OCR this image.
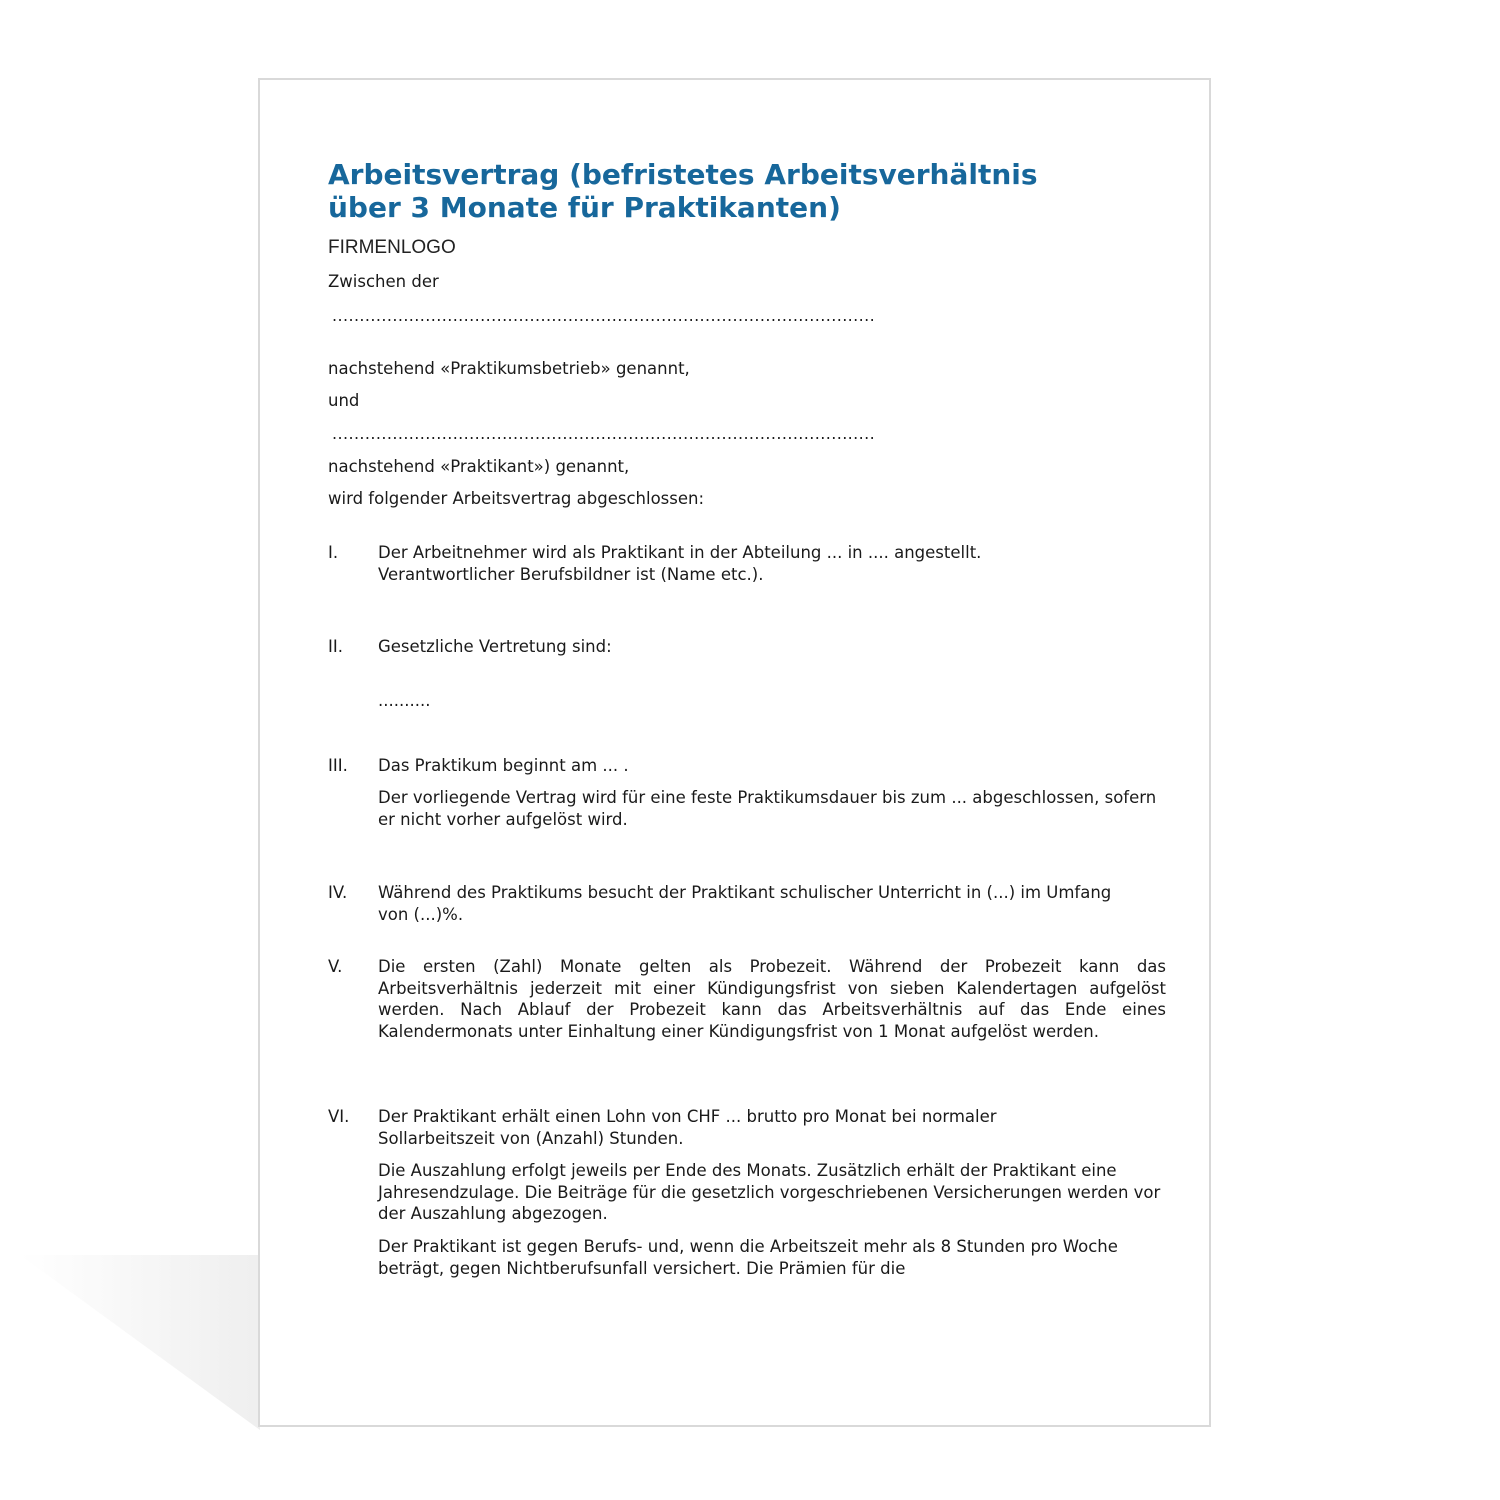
Arbeitsvertrag (befristetes Arbeitsverhältnis über 3 Monate für Praktikanten)
FIRMENLOGO
Zwischen der
...................................................................................................
nachstehend «Praktikumsbetrieb» genannt,
und
...................................................................................................
nachstehend «Praktikant») genannt,
wird folgender Arbeitsvertrag abgeschlossen:
I. Der Arbeitnehmer wird als Praktikant in der Abteilung ... in .... angestellt. Verantwortlicher Berufsbildner ist (Name etc.).

II. Gesetzliche Vertretung sind:

..........

III. Das Praktikum beginnt am ... .

Der vorliegende Vertrag wird für eine feste Praktikumsdauer bis zum ... abgeschlossen, sofern er nicht vorher aufgelöst wird.

IV. Während des Praktikums besucht der Praktikant schulischer Unterricht in (...) im Umfang von (...)%.

V. Die ersten (Zahl) Monate gelten als Probezeit. Während der Probezeit kann das Arbeitsverhältnis jederzeit mit einer Kündigungsfrist von sieben Kalendertagen aufgelöst werden. Nach Ablauf der Probezeit kann das Arbeitsverhältnis auf das Ende eines Kalendermonats unter Einhaltung einer Kündigungsfrist von 1 Monat aufgelöst werden.

VI. Der Praktikant erhält einen Lohn von CHF ... brutto pro Monat bei normaler Sollarbeitszeit von (Anzahl) Stunden.

Die Auszahlung erfolgt jeweils per Ende des Monats. Zusätzlich erhält der Praktikant eine Jahresendzulage. Die Beiträge für die gesetzlich vorgeschriebenen Versicherungen werden vor der Auszahlung abgezogen.

Der Praktikant ist gegen Berufs- und, wenn die Arbeitszeit mehr als 8 Stunden pro Woche beträgt, gegen Nichtberufsunfall versichert. Die Prämien für die
